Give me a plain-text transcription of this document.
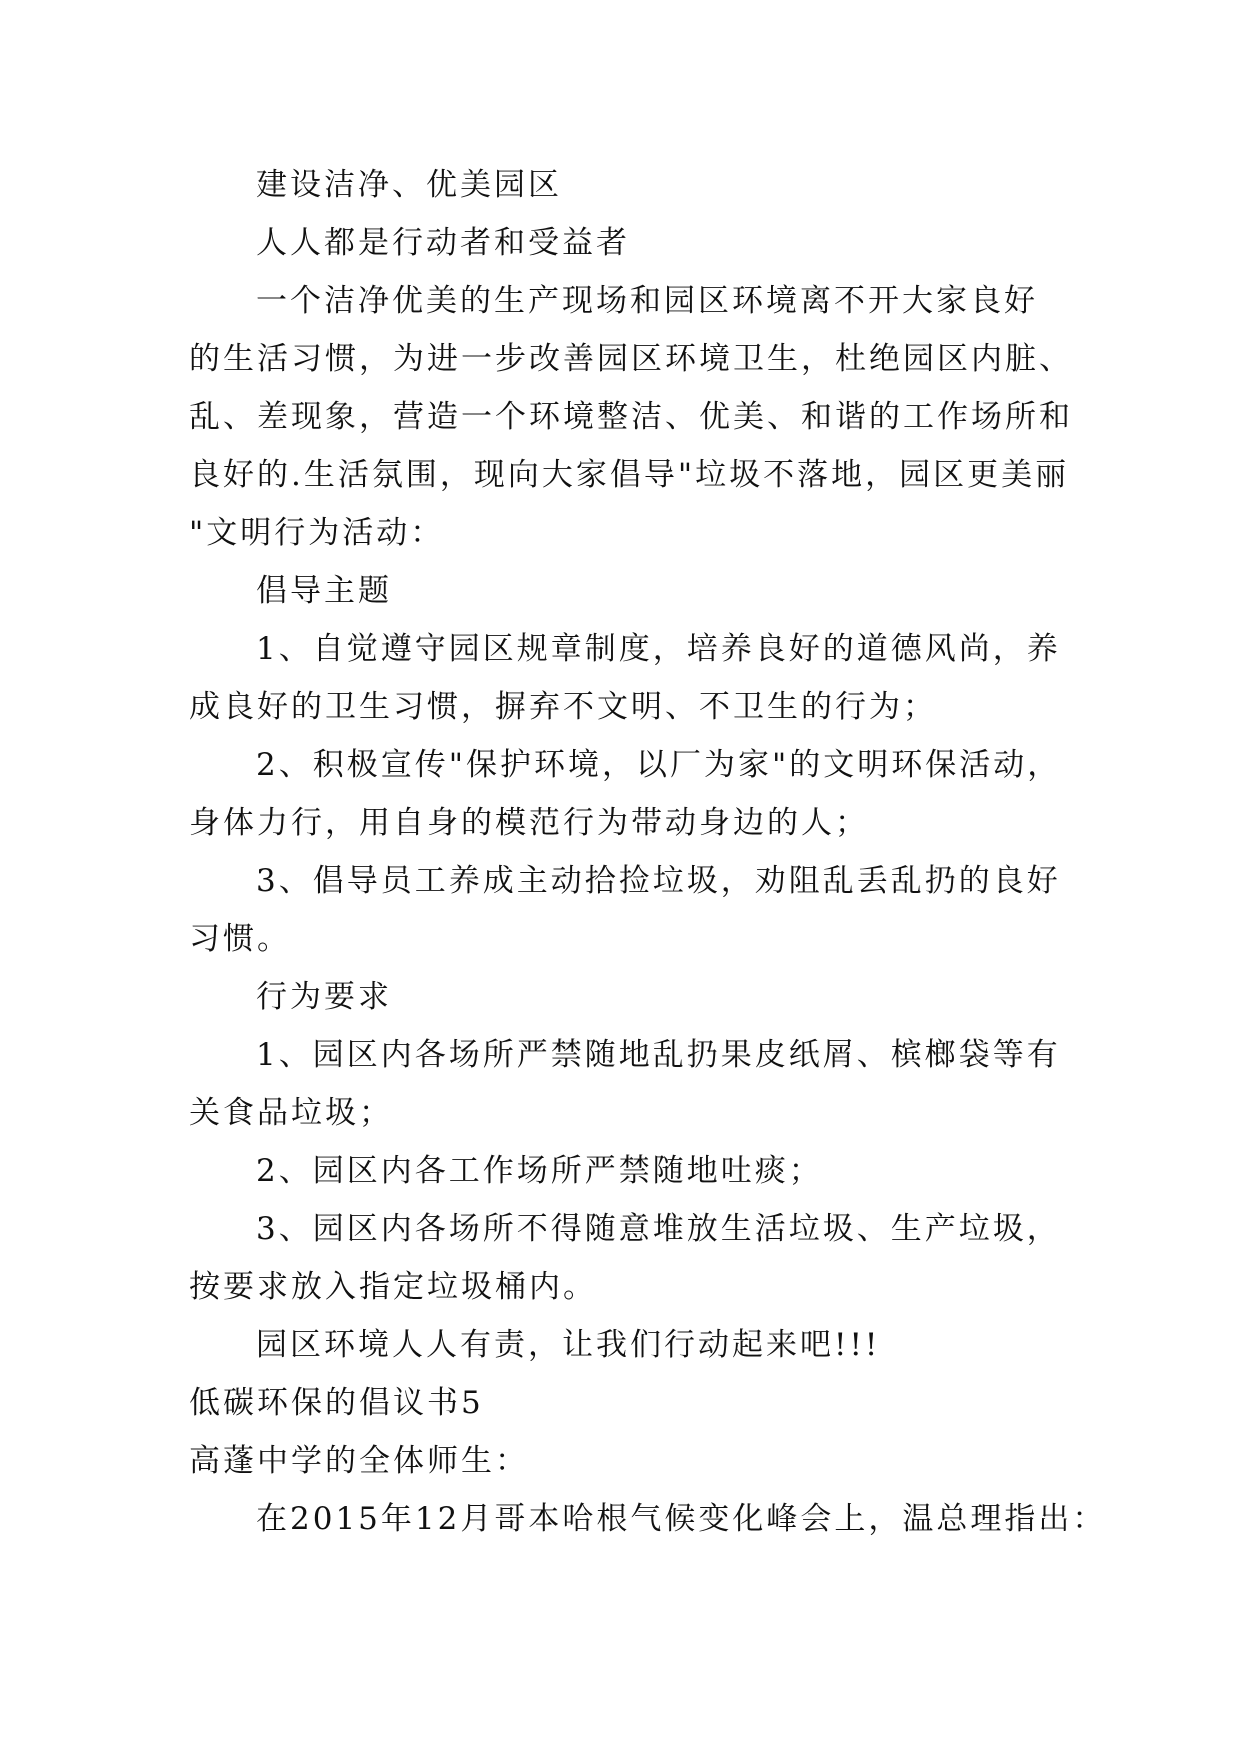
建设洁净、优美园区
人人都是行动者和受益者
一个洁净优美的生产现场和园区环境离不开大家良好
的生活习惯，为进一步改善园区环境卫生，杜绝园区内脏、
乱、差现象，营造一个环境整洁、优美、和谐的工作场所和
良好的.生活氛围，现向大家倡导"垃圾不落地，园区更美丽
"文明行为活动：
倡导主题
1、自觉遵守园区规章制度，培养良好的道德风尚，养
成良好的卫生习惯，摒弃不文明、不卫生的行为；
2、积极宣传"保护环境，以厂为家"的文明环保活动，
身体力行，用自身的模范行为带动身边的人；
3、倡导员工养成主动拾捡垃圾，劝阻乱丢乱扔的良好
习惯。
行为要求
1、园区内各场所严禁随地乱扔果皮纸屑、槟榔袋等有
关食品垃圾；
2、园区内各工作场所严禁随地吐痰；
3、园区内各场所不得随意堆放生活垃圾、生产垃圾，
按要求放入指定垃圾桶内。
园区环境人人有责，让我们行动起来吧!!!
低碳环保的倡议书5
高蓬中学的全体师生：
在2015年12月哥本哈根气候变化峰会上，温总理指出：
